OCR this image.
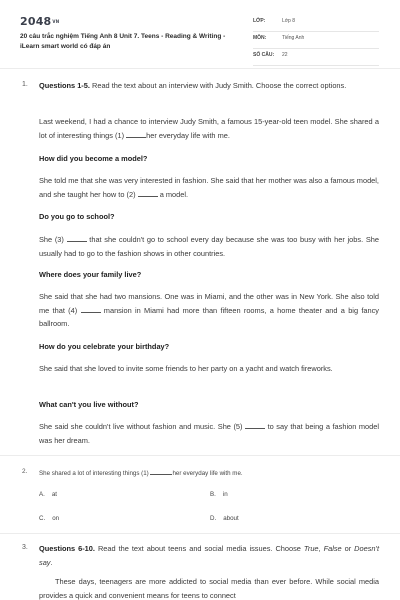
2048VN
20 câu trắc nghiệm Tiếng Anh 8 Unit 7. Teens - Reading & Writing - iLearn smart world có đáp án
LỚP:	Lớp 8
MÔN:	Tiếng Anh
SỐ CÂU: 22
1. Questions 1-5. Read the text about an interview with Judy Smith. Choose the correct options.
Last weekend, I had a chance to interview Judy Smith, a famous 15-year-old teen model. She shared a lot of interesting things (1)	her everyday life with me.
How did you become a model?
She told me that she was very interested in fashion. She said that her mother was also a famous model, and she taught her how to (2)	a model.
Do you go to school?
She (3)	that she couldn't go to school every day because she was too busy with her jobs. She usually had to go to the fashion shows in other countries.
Where does your family live?
She said that she had two mansions. One was in Miami, and the other was in New York. She also told me that (4)	mansion in Miami had more than fifteen rooms, a home theater and a big fancy ballroom.
How do you celebrate your birthday?
She said that she loved to invite some friends to her party on a yacht and watch fireworks.
What can't you live without?
She said she couldn't live without fashion and music. She (5)	to say that being a fashion model was her dream.
2. She shared a lot of interesting things (1)	her everyday life with me.
A. at	B. in
C. on	D. about
3. Questions 6-10. Read the text about teens and social media issues. Choose True, False or Doesn't say.
These days, teenagers are more addicted to social media than ever before. While social media provides a quick and convenient means for teens to connect
